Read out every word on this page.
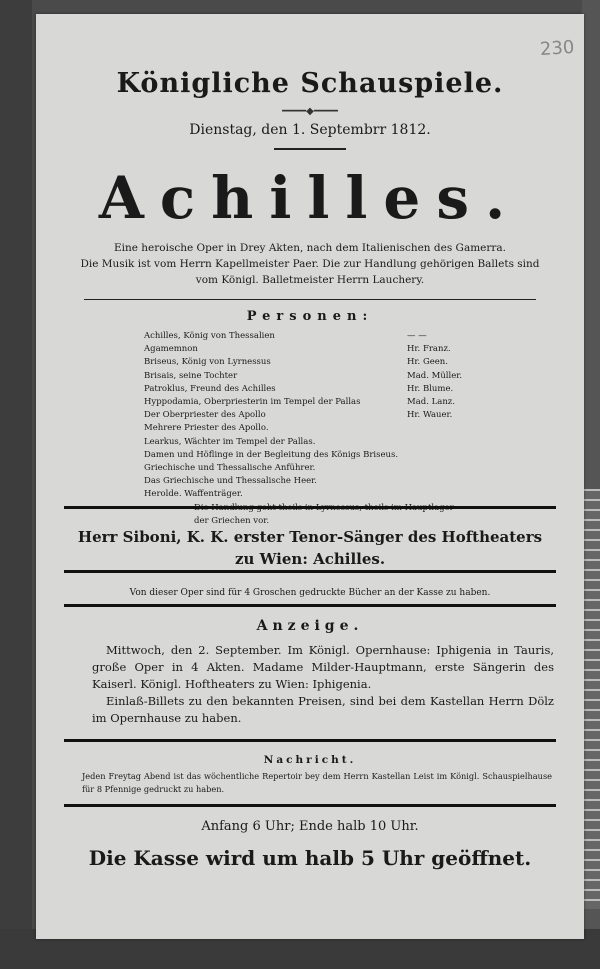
230
Königliche Schauspiele.
━━━━◆━━━━
Dienstag, den 1. Septembrr 1812.
Achilles.
Eine heroische Oper in Drey Akten, nach dem Italienischen des Gamerra.
Die Musik ist vom Herrn Kapellmeister Paer. Die zur Handlung gehörigen Ballets sind
vom Königl. Balletmeister Herrn Lauchery.
Personen:
Achilles, König von Thessalien	— —
Agamemnon	Hr. Franz.
Briseus, König von Lyrnessus	Hr. Geen.
Brisais, seine Tochter	Mad. Müller.
Patroklus, Freund des Achilles	Hr. Blume.
Hyppodamia, Oberpriesterin im Tempel der Pallas	Mad. Lanz.
Der Oberpriester des Apollo	Hr. Wauer.
Mehrere Priester des Apollo.
Learkus, Wächter im Tempel der Pallas.
Damen und Höflinge in der Begleitung des Königs Briseus.
Griechische und Thessalische Anführer.
Das Griechische und Thessalische Heer.
Herolde. Waffenträger.
der Griechen vor.
Herr Siboni, K. K. erster Tenor-Sänger des Hoftheaters
zu Wien: Achilles.
Von dieser Oper sind für 4 Groschen gedruckte Bücher an der Kasse zu haben.
Anzeige.

Mittwoch, den 2. September. Im Königl. Opernhause: Iphigenia in Tauris, große Oper in 4 Akten. Madame Milder-Hauptmann, erste Sängerin des Kaiserl. Königl. Hoftheaters zu Wien: Iphigenia.

Einlaß-Billets zu den bekannten Preisen, sind bei dem Kastellan Herrn Dölz im Opernhause zu haben.

Nachricht.
Jeden Freytag Abend ist das wöchentliche Repertoir bey dem Herrn Kastellan Leist im Königl. Schauspielhause für 8 Pfennige gedruckt zu haben.
Anfang 6 Uhr; Ende halb 10 Uhr.
Die Kasse wird um halb 5 Uhr geöffnet.
